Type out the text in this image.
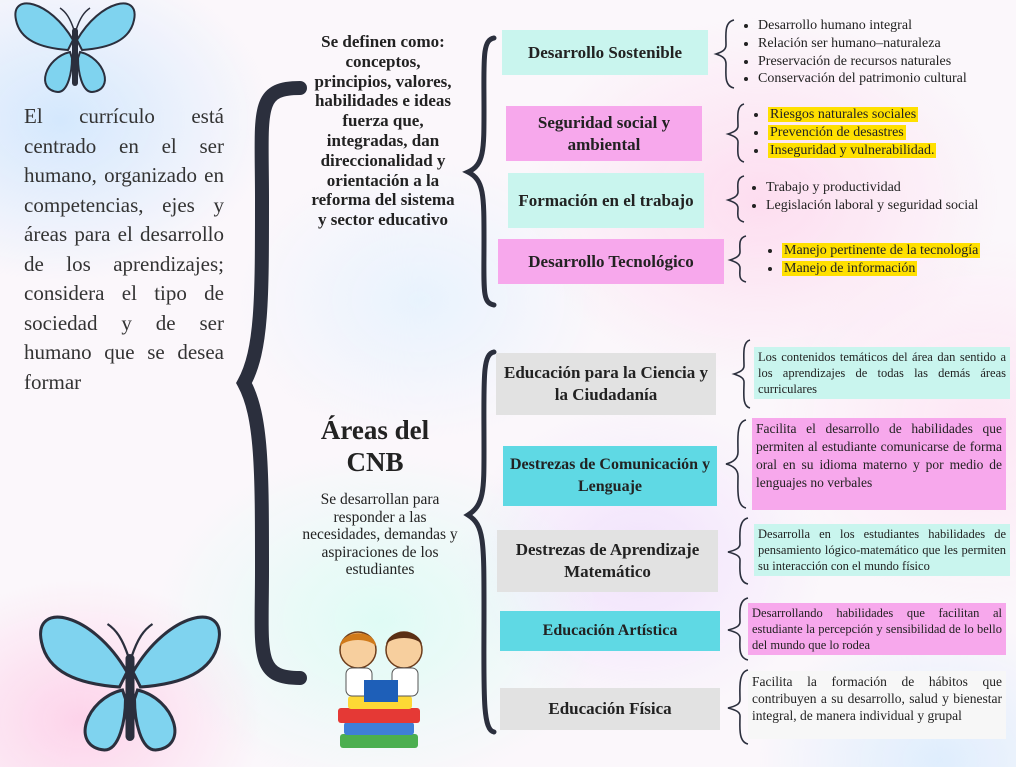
El currículo está centrado en el ser humano, organizado en competencias, ejes y áreas para el desarrollo de los aprendizajes; considera el tipo de sociedad y de ser humano que se desea formar
Se definen como: conceptos, principios, valores, habilidades e ideas fuerza que, integradas, dan direccionalidad y orientación a la reforma del sistema y sector educativo
Áreas del CNB
Se desarrollan para responder a las necesidades, demandas y aspiraciones de los estudiantes
Desarrollo Sostenible
Seguridad social y ambiental
Formación en el trabajo
Desarrollo Tecnológico
• Desarrollo humano integral
• Relación ser humano–naturaleza
• Preservación de recursos naturales
• Conservación del patrimonio cultural
• Riesgos naturales sociales
• Prevención de desastres
• Inseguridad y vulnerabilidad.
• Trabajo y productividad
• Legislación laboral y seguridad social
• Manejo pertinente de la tecnología
• Manejo de información
Educación para la Ciencia y la Ciudadanía
Destrezas de Comunicación y Lenguaje
Destrezas de Aprendizaje Matemático
Educación Artística
Educación Física
Los contenidos temáticos del área dan sentido a los aprendizajes de todas las demás áreas curriculares
Facilita el desarrollo de habilidades que permiten al estudiante comunicarse de forma oral en su idioma materno y por medio de lenguajes no verbales
Desarrolla en los estudiantes habilidades de pensamiento lógico-matemático que les permiten su interacción con el mundo físico
Desarrollando habilidades que facilitan al estudiante la percepción y sensibilidad de lo bello del mundo que lo rodea
Facilita la formación de hábitos que contribuyen a su desarrollo, salud y bienestar integral, de manera individual y grupal
